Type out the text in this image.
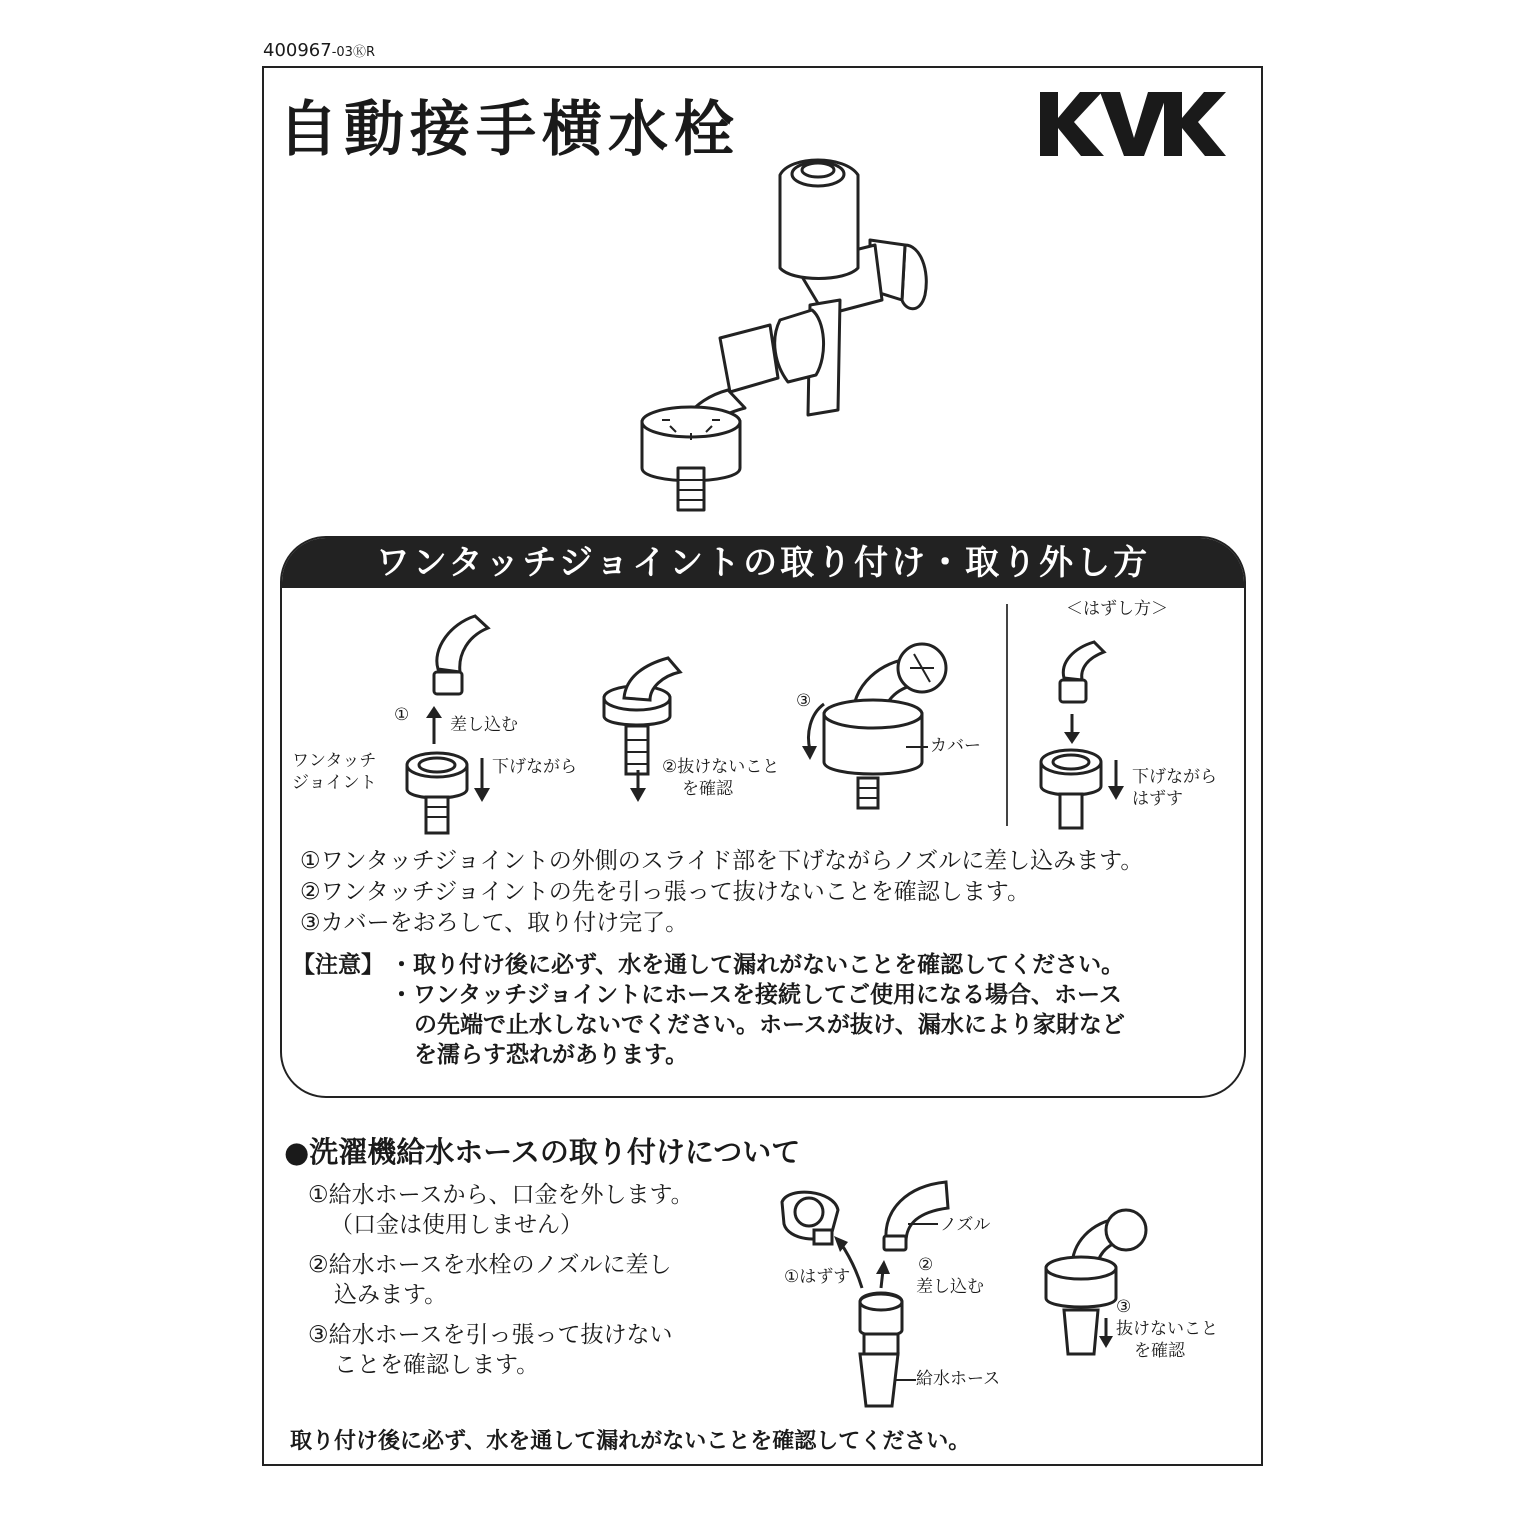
400967-03ⓀR
自動接手横水栓
ワンタッチジョイントの取り付け・取り外し方
＜はずし方＞
① 差し込む
ワンタッチ
ジョイント
下げながら	②抜けないこと
を確認
③
カバー
下げながら
はずす
①ワンタッチジョイントの外側のスライド部を下げながらノズルに差し込みます。
②ワンタッチジョイントの先を引っ張って抜けないことを確認します。
③カバーをおろして、取り付け完了。
【注意】 ・取り付け後に必ず、水を通して漏れがないことを確認してください。
・ワンタッチジョイントにホースを接続してご使用になる場合、ホース
の先端で止水しないでください。ホースが抜け、漏水により家財など
を濡らす恐れがあります。
●洗濯機給水ホースの取り付けについて
①給水ホースから、口金を外します。
（口金は使用しません）
②給水ホースを水栓のノズルに差し
込みます。
③給水ホースを引っ張って抜けない
ことを確認します。
①はずす
ノズル
②
差し込む
給水ホース
③
抜けないこと
を確認
取り付け後に必ず、水を通して漏れがないことを確認してください。
